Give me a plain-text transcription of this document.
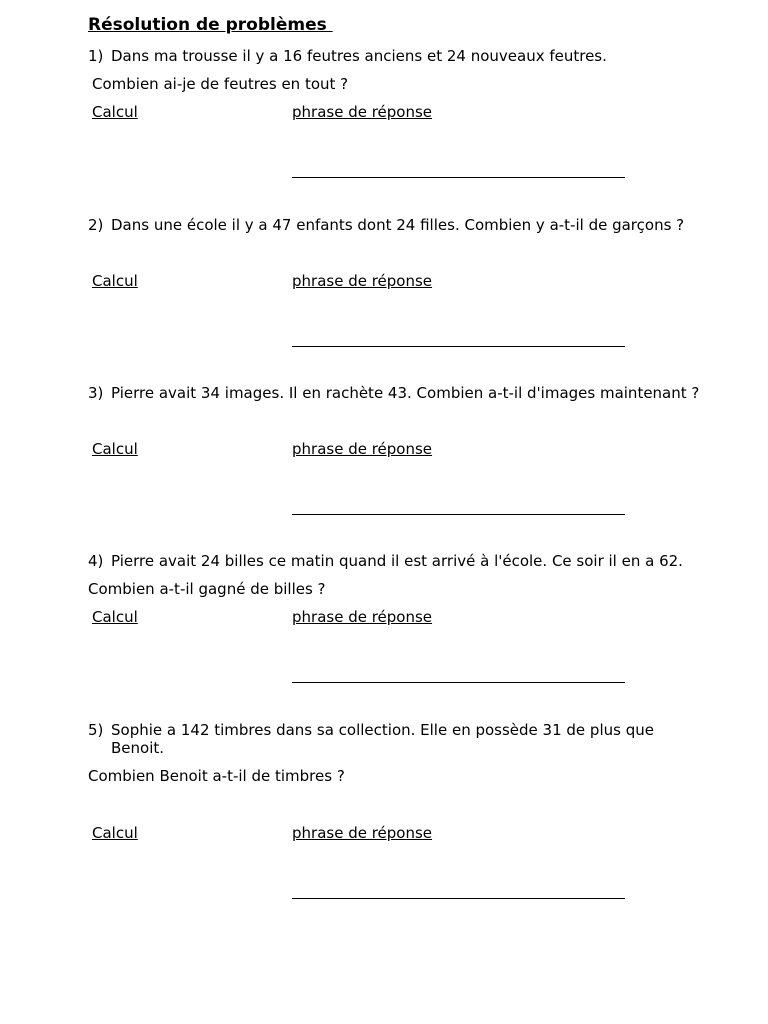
Résolution de problèmes
1) Dans ma trousse il y a 16 feutres anciens et 24 nouveaux feutres.
Combien ai-je de feutres en tout ?
Calcul	phrase de réponse
2) Dans une école il y a 47 enfants dont 24 filles. Combien y a-t-il de garçons ?
Calcul	phrase de réponse
3) Pierre avait 34 images. Il en rachète 43. Combien a-t-il d'images maintenant ?
Calcul	phrase de réponse
4) Pierre avait 24 billes ce matin quand il est arrivé à l'école. Ce soir il en a 62.
Combien a-t-il gagné de billes ?
Calcul	phrase de réponse
5) Sophie a 142 timbres dans sa collection. Elle en possède 31 de plus que
Benoit.
Combien Benoit a-t-il de timbres ?
Calcul	phrase de réponse
